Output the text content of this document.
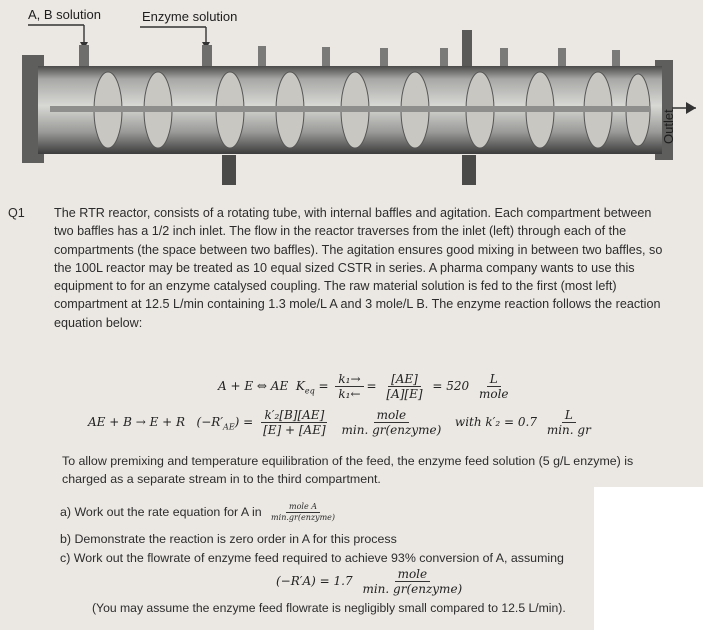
A, B solution	Enzyme solution
Outlet
Q1 The RTR reactor, consists of a rotating tube, with internal baffles and agitation. Each compartment between two baffles has a 1/2 inch inlet. The flow in the reactor traverses from the inlet (left) through each of the compartments (the space between two baffles). The agitation ensures good mixing in between two baffles, so the 100L reactor may be treated as 10 equal sized CSTR in series. A pharma company wants to use this equipment to for an enzyme catalysed coupling. The raw material solution is fed to the first (most left) compartment at 12.5 L/min containing 1.3 mole/L A and 3 mole/L B. The enzyme reaction follows the reaction equation below:
A + E ⇔ AE $K_{eq} = \frac{\text{k₁→}}{\text{k₁←}} = \frac{[AE]}{[A][E]} = 520 \frac{L}{\text{mole}}$
AE + B → E + R $(-R'_{AE}) = \frac{\text{k′₂[B][AE]}}{[E] + [AE]}$
$\frac{\text{mole}}{\text{min. gr(enzyme)}}$ with $k'_2 = 0.7 \frac{L}{\min. gr}$
To allow premixing and temperature equilibration of the feed, the enzyme feed solution (5 g/L enzyme) is charged as a separate stream in to the third compartment.
a) Work out the rate equation for A in $\frac{\text{mole A}}{\text{min.gr(enzyme)}}$
b) Demonstrate the reaction is zero order in A for this process
c) Work out the flowrate of enzyme feed required to achieve 93% conversion of A, assuming
$(-R'A) = 1.7 \frac{\text{mole}}{\text{min. gr(enzyme)}}$
(You may assume the enzyme feed flowrate is negligibly small compared to 12.5 L/min).
